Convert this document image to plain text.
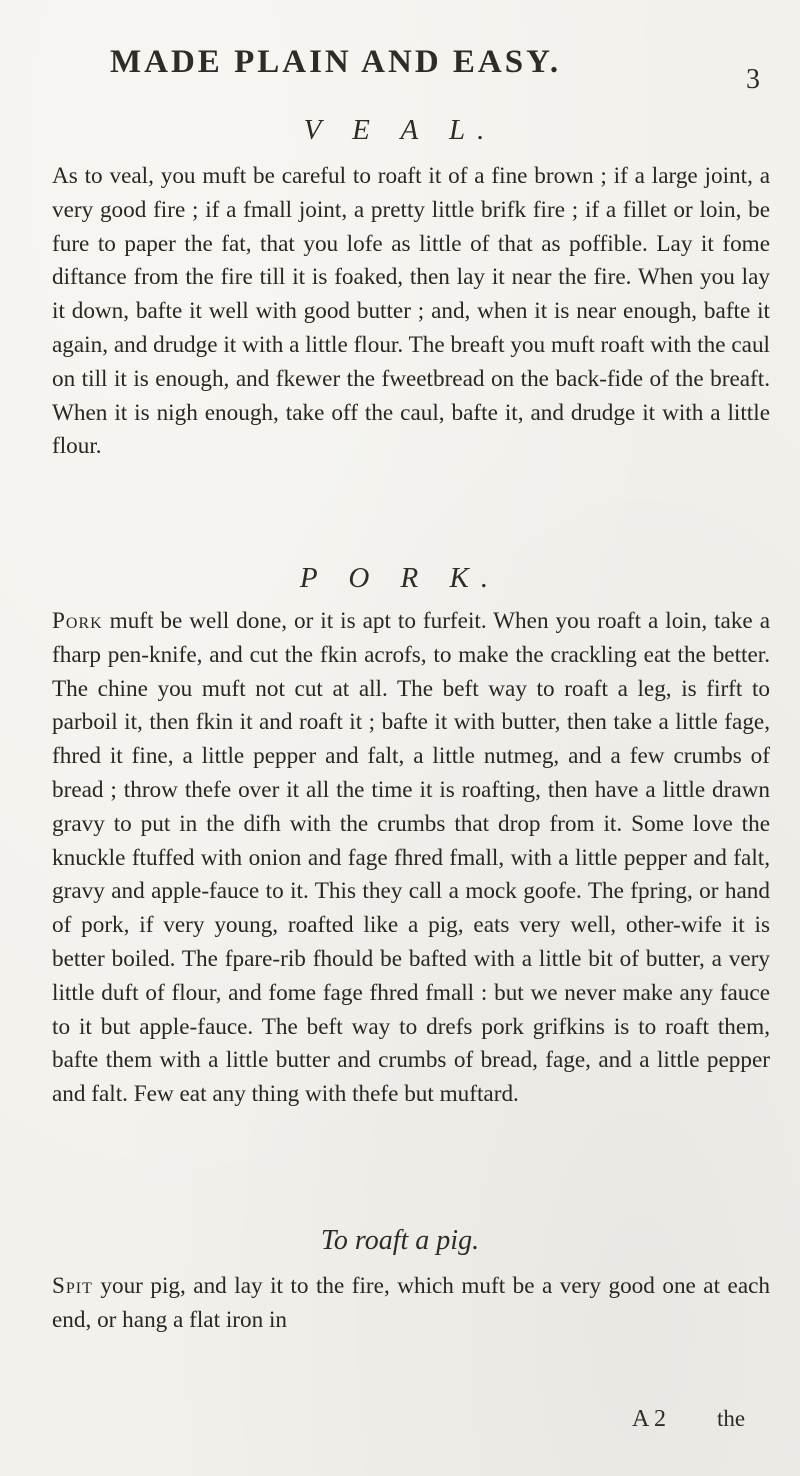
MADE PLAIN AND EASY.	3
V E A L.
As to veal, you muft be careful to roaft it of a fine brown ; if a large joint, a very good fire ; if a fmall joint, a pretty little brifk fire ; if a fillet or loin, be fure to paper the fat, that you lofe as little of that as poffible. Lay it fome diftance from the fire till it is foaked, then lay it near the fire. When you lay it down, bafte it well with good butter ; and, when it is near enough, bafte it again, and drudge it with a little flour. The breaft you muft roaft with the caul on till it is enough, and fkewer the fweetbread on the back-fide of the breaft. When it is nigh enough, take off the caul, bafte it, and drudge it with a little flour.
P O R K.
Pork muft be well done, or it is apt to furfeit. When you roaft a loin, take a fharp pen-knife, and cut the fkin acrofs, to make the crackling eat the better. The chine you muft not cut at all. The beft way to roaft a leg, is firft to parboil it, then fkin it and roaft it ; bafte it with butter, then take a little fage, fhred it fine, a little pepper and falt, a little nutmeg, and a few crumbs of bread ; throw thefe over it all the time it is roafting, then have a little drawn gravy to put in the difh with the crumbs that drop from it. Some love the knuckle ftuffed with onion and fage fhred fmall, with a little pepper and falt, gravy and apple-fauce to it. This they call a mock goofe. The fpring, or hand of pork, if very young, roafted like a pig, eats very well, other-wife it is better boiled. The fpare-rib fhould be bafted with a little bit of butter, a very little duft of flour, and fome fage fhred fmall : but we never make any fauce to it but apple-fauce. The beft way to drefs pork grifkins is to roaft them, bafte them with a little butter and crumbs of bread, fage, and a little pepper and falt. Few eat any thing with thefe but muftard.
To roaft a pig.
Spit your pig, and lay it to the fire, which muft be a very good one at each end, or hang a flat iron in
A 2 the
